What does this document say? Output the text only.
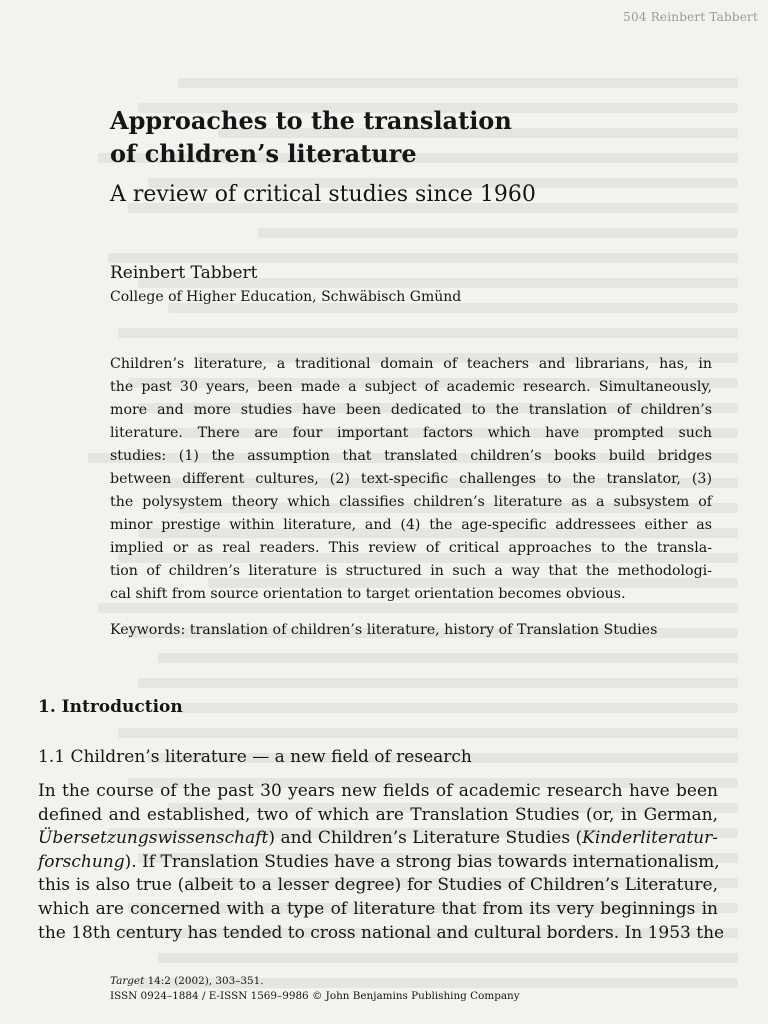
504 Reinbert Tabbert
Approaches to the translation
of children’s literature
A review of critical studies since 1960

Reinbert Tabbert

College of Higher Education, Schwäbisch Gmünd

Children’s literature, a traditional domain of teachers and librarians, has, in
the past 30 years, been made a subject of academic research. Simultaneously,
more and more studies have been dedicated to the translation of children’s
literature. There are four important factors which have prompted such
studies: (1) the assumption that translated children’s books build bridges
between different cultures, (2) text-specific challenges to the translator, (3)
the polysystem theory which classifies children’s literature as a subsystem of
minor prestige within literature, and (4) the age-specific addressees either as
implied or as real readers. This review of critical approaches to the transla-
tion of children’s literature is structured in such a way that the methodologi-
cal shift from source orientation to target orientation becomes obvious.
Keywords: translation of children’s literature, history of Translation Studies
1. Introduction
1.1 Children’s literature — a new field of research
In the course of the past 30 years new fields of academic research have been
defined and established, two of which are Translation Studies (or, in German,
Übersetzungswissenschaft) and Children’s Literature Studies (Kinderliteratur-
forschung). If Translation Studies have a strong bias towards internationalism,
this is also true (albeit to a lesser degree) for Studies of Children’s Literature,
which are concerned with a type of literature that from its very beginnings in
the 18th century has tended to cross national and cultural borders. In 1953 the
Target 14:2 (2002), 303–351.
ISSN 0924–1884 / E-ISSN 1569–9986 © John Benjamins Publishing Company
